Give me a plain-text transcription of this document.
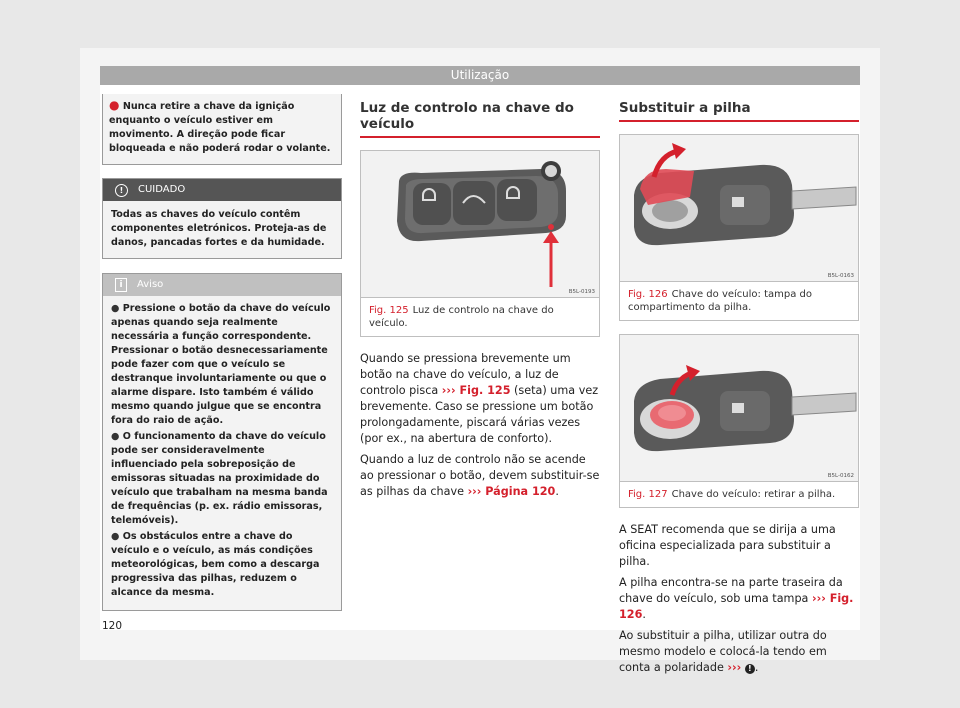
Utilização
● Nunca retire a chave da ignição enquanto o veículo estiver em movimento. A direção pode ficar bloqueada e não poderá rodar o volante.
!	CUIDADO
Todas as chaves do veículo contêm componentes eletrónicos. Proteja-as de danos, pancadas fortes e da humidade.
i	Aviso

● Pressione o botão da chave do veículo apenas quando seja realmente necessária a função correspondente. Pressionar o botão desnecessariamente pode fazer com que o veículo se destranque involuntariamente ou que o alarme dispare. Isto também é válido mesmo quando julgue que se encontra fora do raio de ação.

● O funcionamento da chave do veículo pode ser consideravelmente influenciado pela sobreposição de emissoras situadas na proximidade do veículo que trabalham na mesma banda de frequências (p. ex. rádio emissoras, telemóveis).

● Os obstáculos entre a chave do veículo e o veículo, as más condições meteorológicas, bem como a descarga progressiva das pilhas, reduzem o alcance da mesma.

Luz de controlo na chave do veículo
B5L-0193
Fig. 125 Luz de controlo na chave do veículo.

Quando se pressiona brevemente um botão na chave do veículo, a luz de controlo pisca ››› Fig. 125 (seta) uma vez brevemente. Caso se pressione um botão prolongadamente, piscará várias vezes (por ex., na abertura de conforto).

Quando a luz de controlo não se acende ao pressionar o botão, devem substituir-se as pilhas da chave ››› Página 120.

Substituir a pilha
B5L-0163
Fig. 126 Chave do veículo: tampa do compartimento da pilha.
B5L-0162
Fig. 127 Chave do veículo: retirar a pilha.

A SEAT recomenda que se dirija a uma oficina especializada para substituir a pilha.

A pilha encontra-se na parte traseira da chave do veículo, sob uma tampa ››› Fig. 126.

Ao substituir a pilha, utilizar outra do mesmo modelo e colocá-la tendo em conta a polaridade ››› ! .

120
